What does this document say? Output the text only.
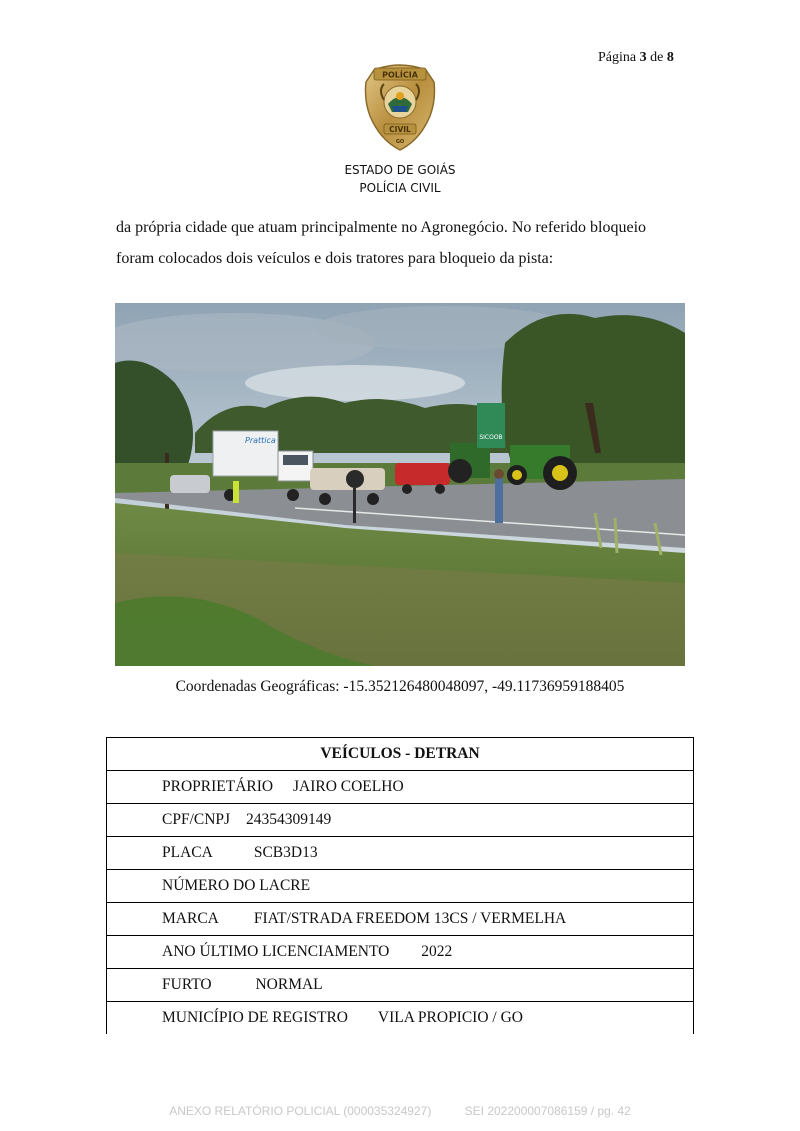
Página 3 de 8
POLÍCIA
CIVIL
GO
ESTADO DE GOIÁS
POLÍCIA CIVIL

da própria cidade que atuam principalmente no Agronegócio. No referido bloqueio

foram colocados dois veículos e dois tratores para bloqueio da pista:

Prattica	SICOOB
Coordenadas Geográficas: -15.352126480048097, -49.11736959188405
VEÍCULOS - DETRAN
PROPRIETÁRIO JAIRO COELHO
CPF/CNPJ 24354309149
PLACA	SCB3D13
NÚMERO DO LACRE
MARCA FIAT/STRADA FREEDOM 13CS / VERMELHA
ANO ÚLTIMO LICENCIAMENTO 2022
FURTO	NORMAL
MUNICÍPIO DE REGISTRO VILA PROPICIO / GO
ANEXO RELATÓRIO POLICIAL (000035324927)	SEI 202200007086159 / pg. 42
